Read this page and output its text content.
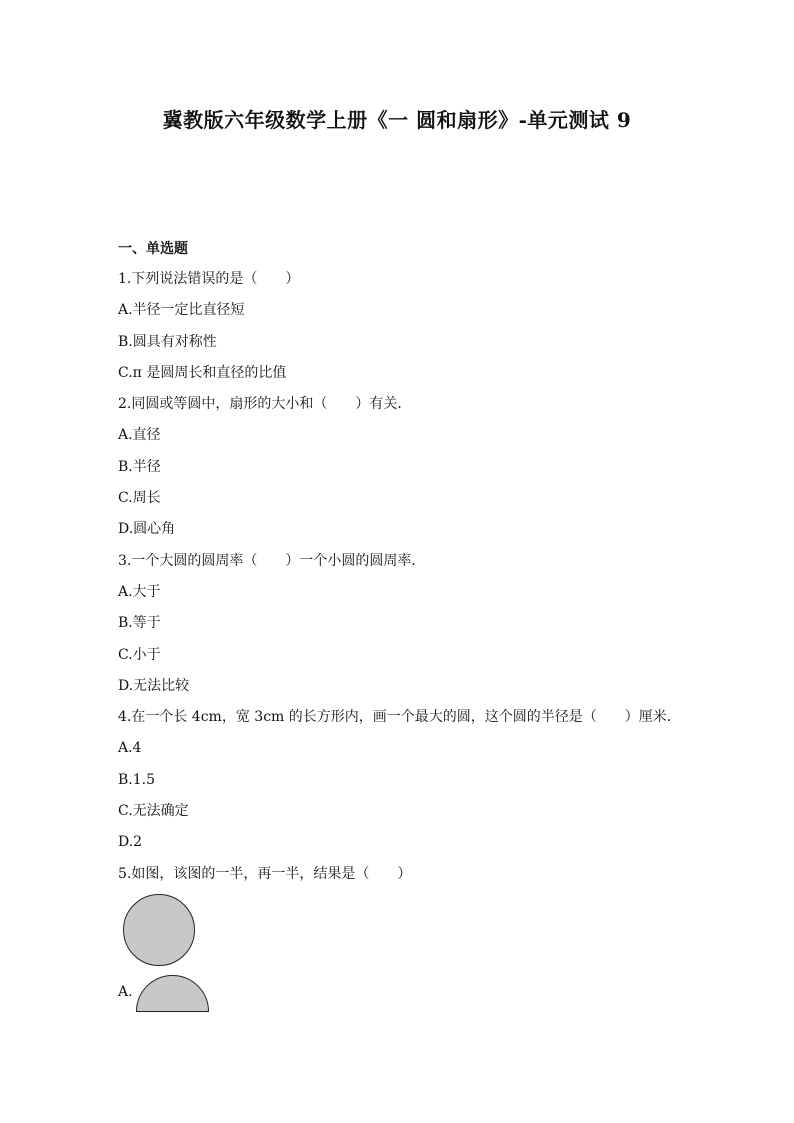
冀教版六年级数学上册《一 圆和扇形》-单元测试 9
一、单选题
1.下列说法错误的是（　　）
A.半径一定比直径短
B.圆具有对称性
C.π 是圆周长和直径的比值
2.同圆或等圆中，扇形的大小和（　　）有关．
A.直径
B.半径
C.周长
D.圆心角
3.一个大圆的圆周率（　　）一个小圆的圆周率．
A.大于
B.等于
C.小于
D.无法比较
4.在一个长 4cm，宽 3cm 的长方形内，画一个最大的圆，这个圆的半径是（　　）厘米．
A.4
B.1.5
C.无法确定
D.2
5.如图，该图的一半，再一半，结果是（　　）
A.
